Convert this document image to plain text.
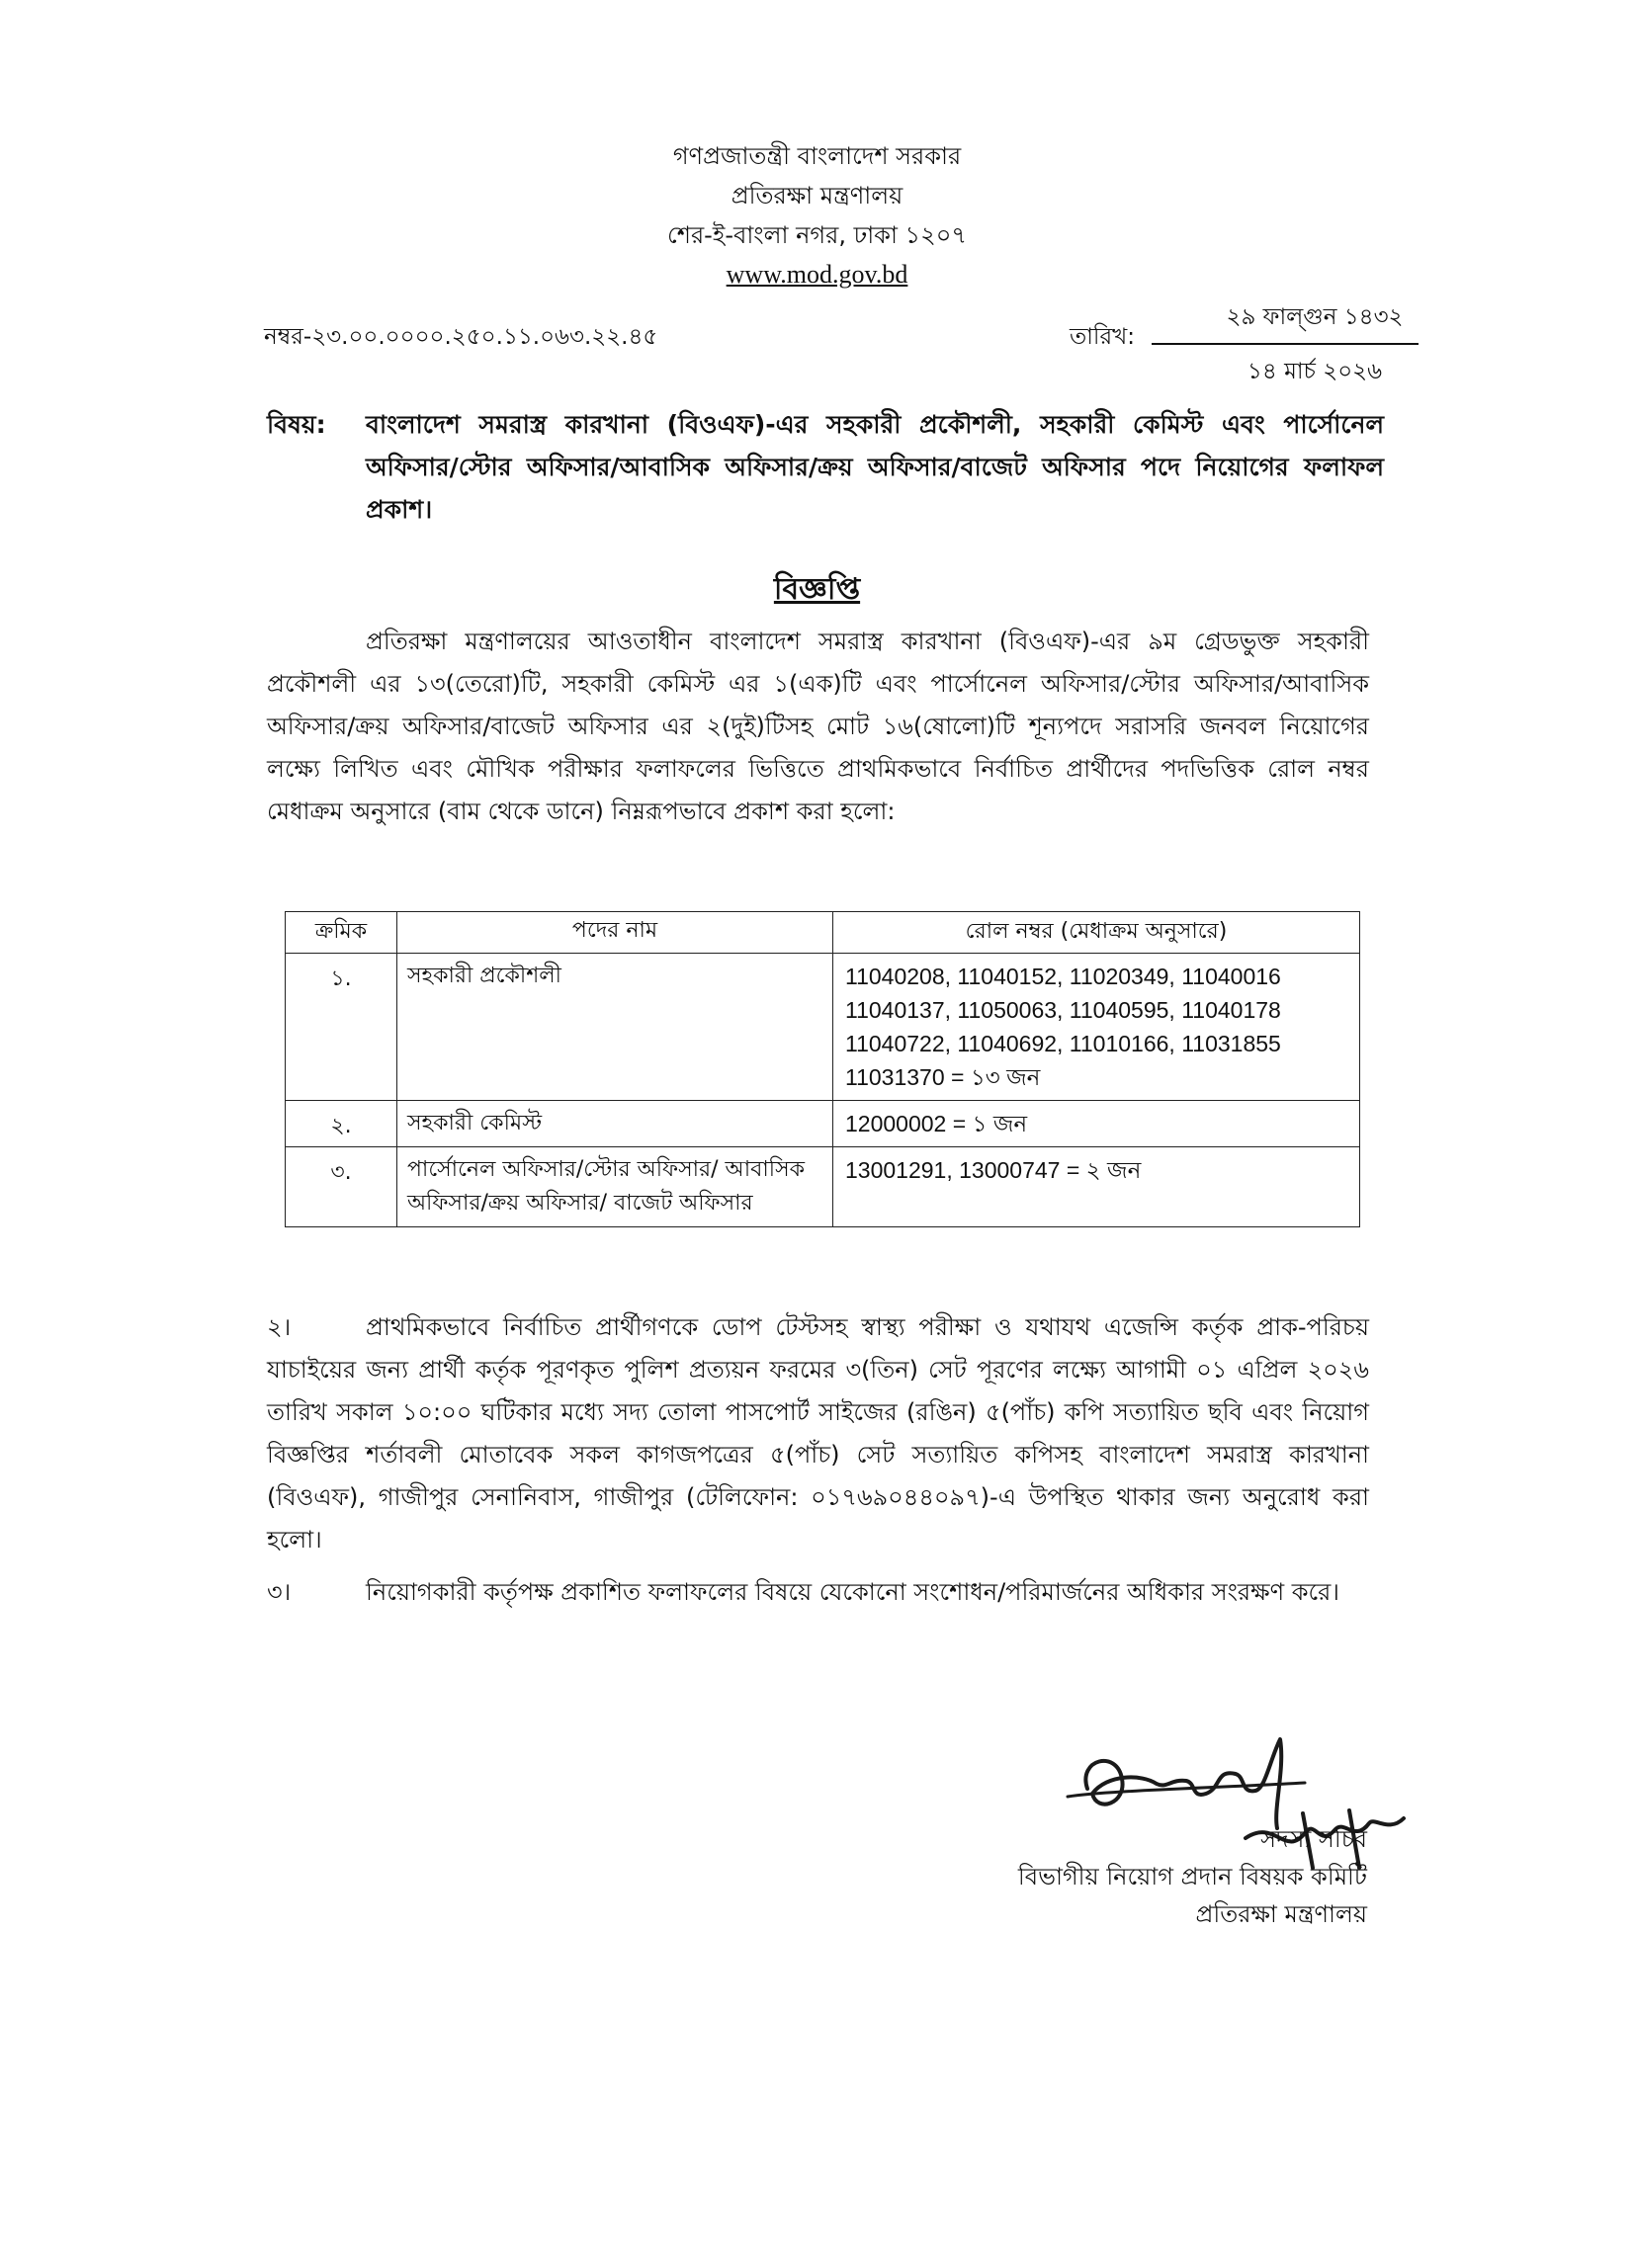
গণপ্রজাতন্ত্রী বাংলাদেশ সরকার
প্রতিরক্ষা মন্ত্রণালয়
শের-ই-বাংলা নগর, ঢাকা ১২০৭
www.mod.gov.bd
নম্বর-২৩.০০.০০০০.২৫০.১১.০৬৩.২২.৪৫	তারিখ:
২৯ ফাল্গুন ১৪৩২
১৪ মার্চ ২০২৬
বিষয়: বাংলাদেশ সমরাস্ত্র কারখানা (বিওএফ)-এর সহকারী প্রকৌশলী, সহকারী কেমিস্ট এবং পার্সোনেল অফিসার/স্টোর অফিসার/আবাসিক অফিসার/ক্রয় অফিসার/বাজেট অফিসার পদে নিয়োগের ফলাফল প্রকাশ।
বিজ্ঞপ্তি
প্রতিরক্ষা মন্ত্রণালয়ের আওতাধীন বাংলাদেশ সমরাস্ত্র কারখানা (বিওএফ)-এর ৯ম গ্রেডভুক্ত সহকারী প্রকৌশলী এর ১৩(তেরো)টি, সহকারী কেমিস্ট এর ১(এক)টি এবং পার্সোনেল অফিসার/স্টোর অফিসার/আবাসিক অফিসার/ক্রয় অফিসার/বাজেট অফিসার এর ২(দুই)টিসহ মোট ১৬(ষোলো)টি শূন্যপদে সরাসরি জনবল নিয়োগের লক্ষ্যে লিখিত এবং মৌখিক পরীক্ষার ফলাফলের ভিত্তিতে প্রাথমিকভাবে নির্বাচিত প্রার্থীদের পদভিত্তিক রোল নম্বর মেধাক্রম অনুসারে (বাম থেকে ডানে) নিম্নরূপভাবে প্রকাশ করা হলো:
ক্রমিক	পদের নাম	রোল নম্বর (মেধাক্রম অনুসারে)
১.	সহকারী প্রকৌশলী	11040208, 11040152, 11020349, 11040016
11040137, 11050063, 11040595, 11040178
11040722, 11040692, 11010166, 11031855
11031370 = ১৩ জন

২.	সহকারী কেমিস্ট	12000002 = ১ জন

৩.	পার্সোনেল অফিসার/স্টোর অফিসার/ আবাসিক অফিসার/ক্রয় অফিসার/ বাজেট অফিসার	13001291, 13000747 = ২ জন
২।	প্রাথমিকভাবে নির্বাচিত প্রার্থীগণকে ডোপ টেস্টসহ স্বাস্থ্য পরীক্ষা ও যথাযথ এজেন্সি কর্তৃক প্রাক-পরিচয় যাচাইয়ের জন্য প্রার্থী কর্তৃক পূরণকৃত পুলিশ প্রত্যয়ন ফরমের ৩(তিন) সেট পূরণের লক্ষ্যে আগামী ০১ এপ্রিল ২০২৬ তারিখ সকাল ১০:০০ ঘটিকার মধ্যে সদ্য তোলা পাসপোর্ট সাইজের (রঙিন) ৫(পাঁচ) কপি সত্যায়িত ছবি এবং নিয়োগ বিজ্ঞপ্তির শর্তাবলী মোতাবেক সকল কাগজপত্রের ৫(পাঁচ) সেট সত্যায়িত কপিসহ বাংলাদেশ সমরাস্ত্র কারখানা (বিওএফ), গাজীপুর সেনানিবাস, গাজীপুর (টেলিফোন: ০১৭৬৯০৪৪০৯৭)-এ উপস্থিত থাকার জন্য অনুরোধ করা হলো।
৩।	নিয়োগকারী কর্তৃপক্ষ প্রকাশিত ফলাফলের বিষয়ে যেকোনো সংশোধন/পরিমার্জনের অধিকার সংরক্ষণ করে।
সদস্য সচিব
বিভাগীয় নিয়োগ প্রদান বিষয়ক কমিটি
প্রতিরক্ষা মন্ত্রণালয়
